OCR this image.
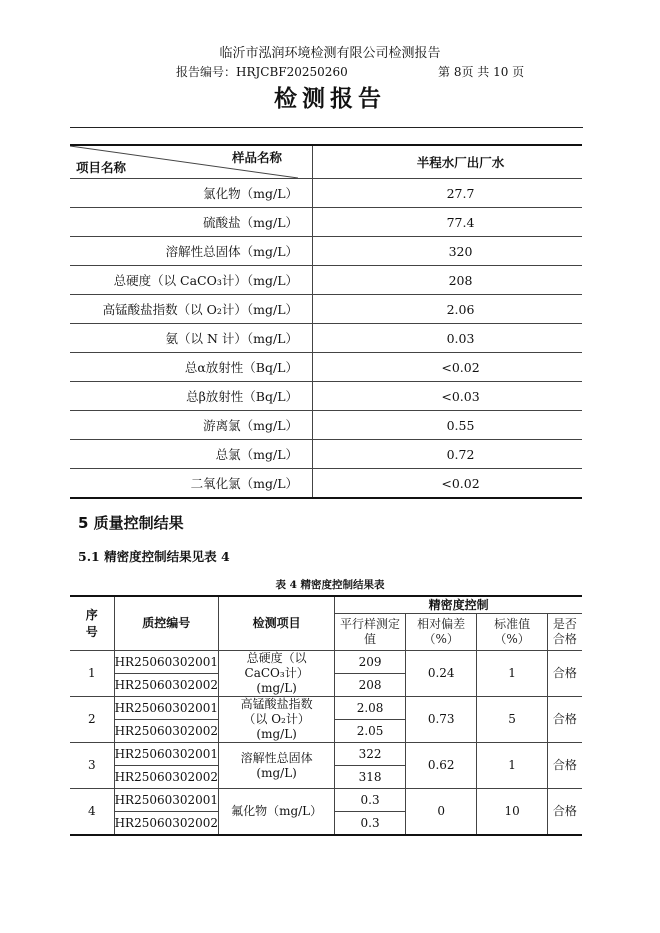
临沂市泓润环境检测有限公司检测报告
报告编号：HRJCBF20250260	第 8页 共 10 页
检测报告
样品名称
项目名称	半程水厂出厂水
氯化物（mg/L）	27.7
硫酸盐（mg/L）	77.4
溶解性总固体（mg/L）	320
总硬度（以 CaCO₃计）（mg/L）	208
高锰酸盐指数（以 O₂计）（mg/L）	2.06
氨（以 N 计）（mg/L）	0.03
总α放射性（Bq/L）	<0.02
总β放射性（Bq/L）	<0.03
游离氯（mg/L）	0.55
总氯（mg/L）	0.72
二氧化氯（mg/L）	<0.02
5 质量控制结果
5.1 精密度控制结果见表 4
表 4 精密度控制结果表
序号	质控编号	检测项目	精密度控制			

			平行样测定值	相对偏差（%）	标准值（%）	是否合格

1	HR25060302001	总硬度（以CaCO₃计）(mg/L)	209	0.24	1	合格
	HR25060302002		208			
2	HR25060302001	高锰酸盐指数（以 O₂计）(mg/L)	2.08	0.73	5	合格
	HR25060302002		2.05			
3	HR25060302001	溶解性总固体(mg/L)	322	0.62	1	合格
	HR25060302002		318			
4	HR25060302001	氟化物（mg/L）	0.3	0	10	合格
	HR25060302002		0.3			
